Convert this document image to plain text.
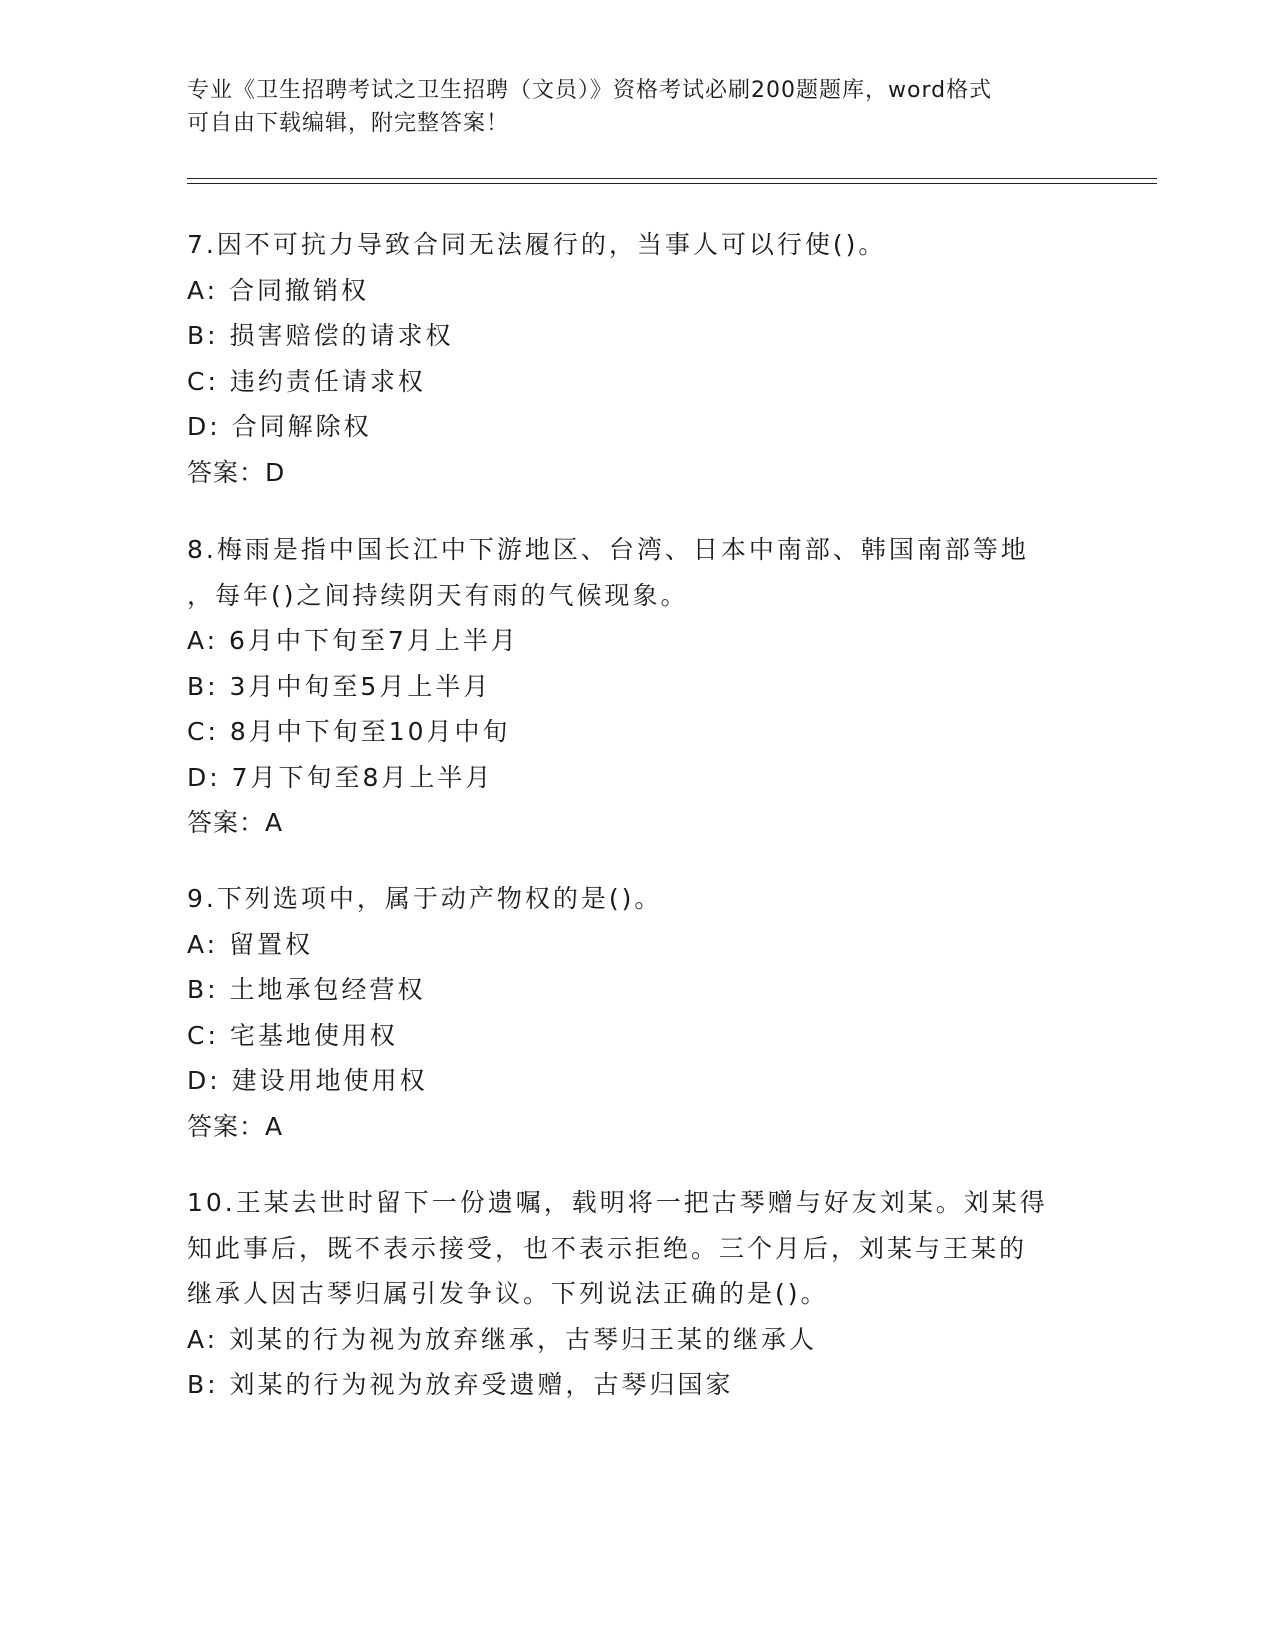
专业《卫生招聘考试之卫生招聘（文员）》资格考试必刷200题题库，word格式
可自由下载编辑，附完整答案！
7.因不可抗力导致合同无法履行的，当事人可以行使()。
A: 合同撤销权
B: 损害赔偿的请求权
C: 违约责任请求权
D: 合同解除权
答案：D
8.梅雨是指中国长江中下游地区、台湾、日本中南部、韩国南部等地
，每年()之间持续阴天有雨的气候现象。
A: 6月中下旬至7月上半月
B: 3月中旬至5月上半月
C: 8月中下旬至10月中旬
D: 7月下旬至8月上半月
答案：A
9.下列选项中，属于动产物权的是()。
A: 留置权
B: 土地承包经营权
C: 宅基地使用权
D: 建设用地使用权
答案：A
10.王某去世时留下一份遗嘱，载明将一把古琴赠与好友刘某。刘某得
知此事后，既不表示接受，也不表示拒绝。三个月后，刘某与王某的
继承人因古琴归属引发争议。下列说法正确的是()。
A: 刘某的行为视为放弃继承，古琴归王某的继承人
B: 刘某的行为视为放弃受遗赠，古琴归国家
